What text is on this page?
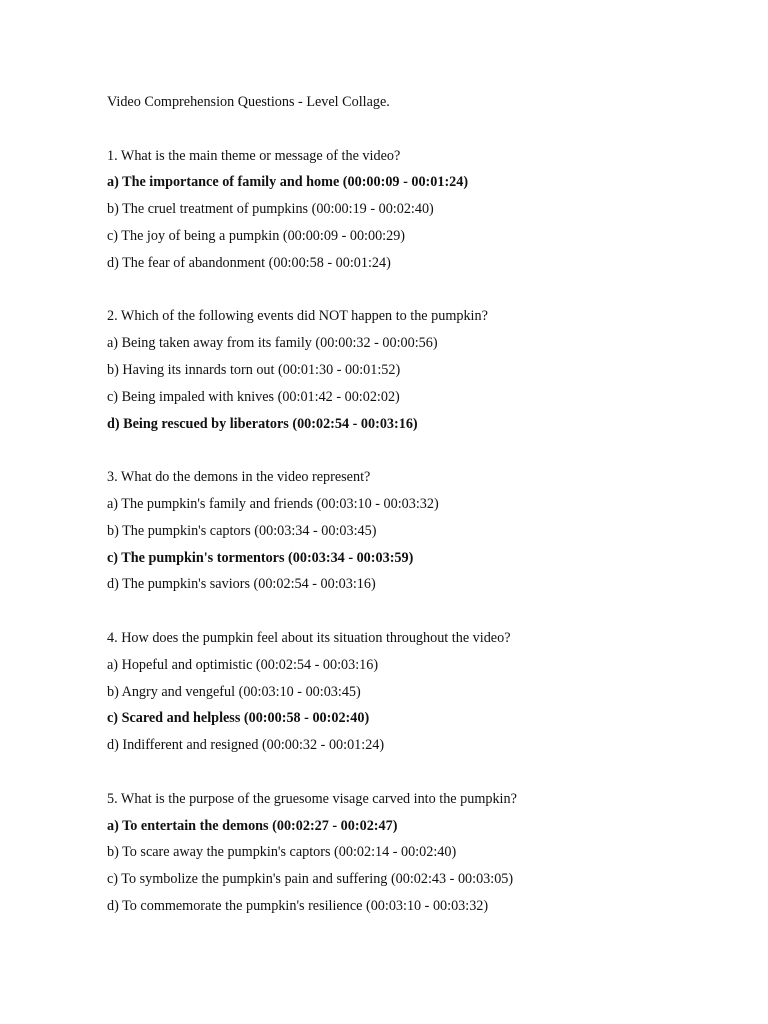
Video Comprehension Questions - Level Collage.
1. What is the main theme or message of the video?
a) The importance of family and home (00:00:09 - 00:01:24)
b) The cruel treatment of pumpkins (00:00:19 - 00:02:40)
c) The joy of being a pumpkin (00:00:09 - 00:00:29)
d) The fear of abandonment (00:00:58 - 00:01:24)
2. Which of the following events did NOT happen to the pumpkin?
a) Being taken away from its family (00:00:32 - 00:00:56)
b) Having its innards torn out (00:01:30 - 00:01:52)
c) Being impaled with knives (00:01:42 - 00:02:02)
d) Being rescued by liberators (00:02:54 - 00:03:16)
3. What do the demons in the video represent?
a) The pumpkin's family and friends (00:03:10 - 00:03:32)
b) The pumpkin's captors (00:03:34 - 00:03:45)
c) The pumpkin's tormentors (00:03:34 - 00:03:59)
d) The pumpkin's saviors (00:02:54 - 00:03:16)
4. How does the pumpkin feel about its situation throughout the video?
a) Hopeful and optimistic (00:02:54 - 00:03:16)
b) Angry and vengeful (00:03:10 - 00:03:45)
c) Scared and helpless (00:00:58 - 00:02:40)
d) Indifferent and resigned (00:00:32 - 00:01:24)
5. What is the purpose of the gruesome visage carved into the pumpkin?
a) To entertain the demons (00:02:27 - 00:02:47)
b) To scare away the pumpkin's captors (00:02:14 - 00:02:40)
c) To symbolize the pumpkin's pain and suffering (00:02:43 - 00:03:05)
d) To commemorate the pumpkin's resilience (00:03:10 - 00:03:32)
